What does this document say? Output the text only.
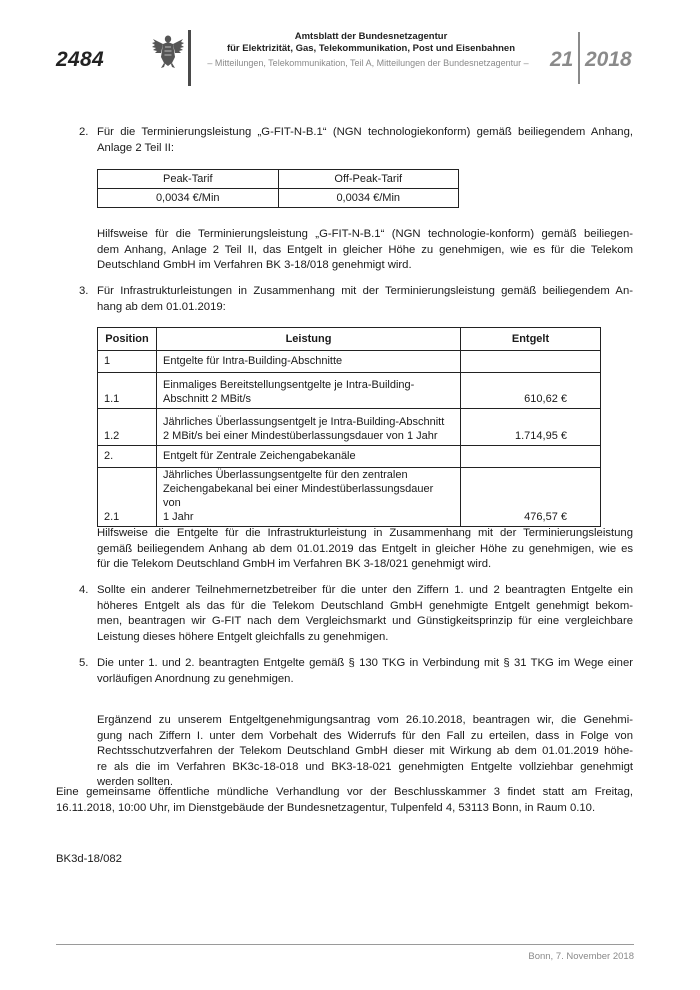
2484
Amtsblatt der Bundesnetzagentur
für Elektrizität, Gas, Telekommunikation, Post und Eisenbahnen
– Mitteilungen, Telekommunikation, Teil A, Mitteilungen der Bundesnetzagentur –	21 2018
2. Für die Terminierungsleistung „G-FIT-N-B.1“ (NGN technologiekonform) gemäß beiliegendem Anhang,
Anlage 2 Teil II:
Peak-Tarif	Off-Peak-Tarif
0,0034 €/Min	0,0034 €/Min
Hilfsweise für die Terminierungsleistung „G-FIT-N-B.1“ (NGN technologie-konform) gemäß beiliegen-
dem Anhang, Anlage 2 Teil II, das Entgelt in gleicher Höhe zu genehmigen, wie es für die Telekom
Deutschland GmbH im Verfahren BK 3-18/018 genehmigt wird.
3. Für Infrastrukturleistungen in Zusammenhang mit der Terminierungsleistung gemäß beiliegendem An-
hang ab dem 01.01.2019:
Position	Leistung	Entgelt
1	Entgelte für Intra-Building-Abschnitte	

1.1	Einmaliges Bereitstellungsentgelte je Intra-Building-
Abschnitt 2 MBit/s	610,62 €
1.2	Jährliches Überlassungsentgelt je Intra-Building-Abschnitt
2 MBit/s bei einer Mindestüberlassungsdauer von 1 Jahr	1.714,95 €
2.	Entgelt für Zentrale Zeichengabekanäle	

2.1	Jährliches Überlassungsentgelte für den zentralen
Zeichengabekanal bei einer Mindestüberlassungsdauer von
1 Jahr	476,57 €
Hilfsweise die Entgelte für die Infrastrukturleistung in Zusammenhang mit der Terminierungsleistung
gemäß beiliegendem Anhang ab dem 01.01.2019 das Entgelt in gleicher Höhe zu genehmigen, wie es
für die Telekom Deutschland GmbH im Verfahren BK 3-18/021 genehmigt wird.
4. Sollte ein anderer Teilnehmernetzbetreiber für die unter den Ziffern 1. und 2 beantragten Entgelte ein
höheres Entgelt als das für die Telekom Deutschland GmbH genehmigte Entgelt genehmigt bekom-
men, beantragen wir G-FIT nach dem Vergleichsmarkt und Günstigkeitsprinzip für eine vergleichbare
Leistung dieses höhere Entgelt gleichfalls zu genehmigen.
5. Die unter 1. und 2. beantragten Entgelte gemäß § 130 TKG in Verbindung mit § 31 TKG im Wege einer
vorläufigen Anordnung zu genehmigen.
Ergänzend zu unserem Entgeltgenehmigungsantrag vom 26.10.2018, beantragen wir, die Genehmi-
gung nach Ziffern I. unter dem Vorbehalt des Widerrufs für den Fall zu erteilen, dass in Folge von
Rechtsschutzverfahren der Telekom Deutschland GmbH dieser mit Wirkung ab dem 01.01.2019 höhe-
re als die im Verfahren BK3c-18-018 und BK3-18-021 genehmigten Entgelte vollziehbar genehmigt
werden sollten.
Eine gemeinsame öffentliche mündliche Verhandlung vor der Beschlusskammer 3 findet statt am Freitag,
16.11.2018, 10:00 Uhr, im Dienstgebäude der Bundesnetzagentur, Tulpenfeld 4, 53113 Bonn, in Raum 0.10.
BK3d-18/082
Bonn, 7. November 2018
